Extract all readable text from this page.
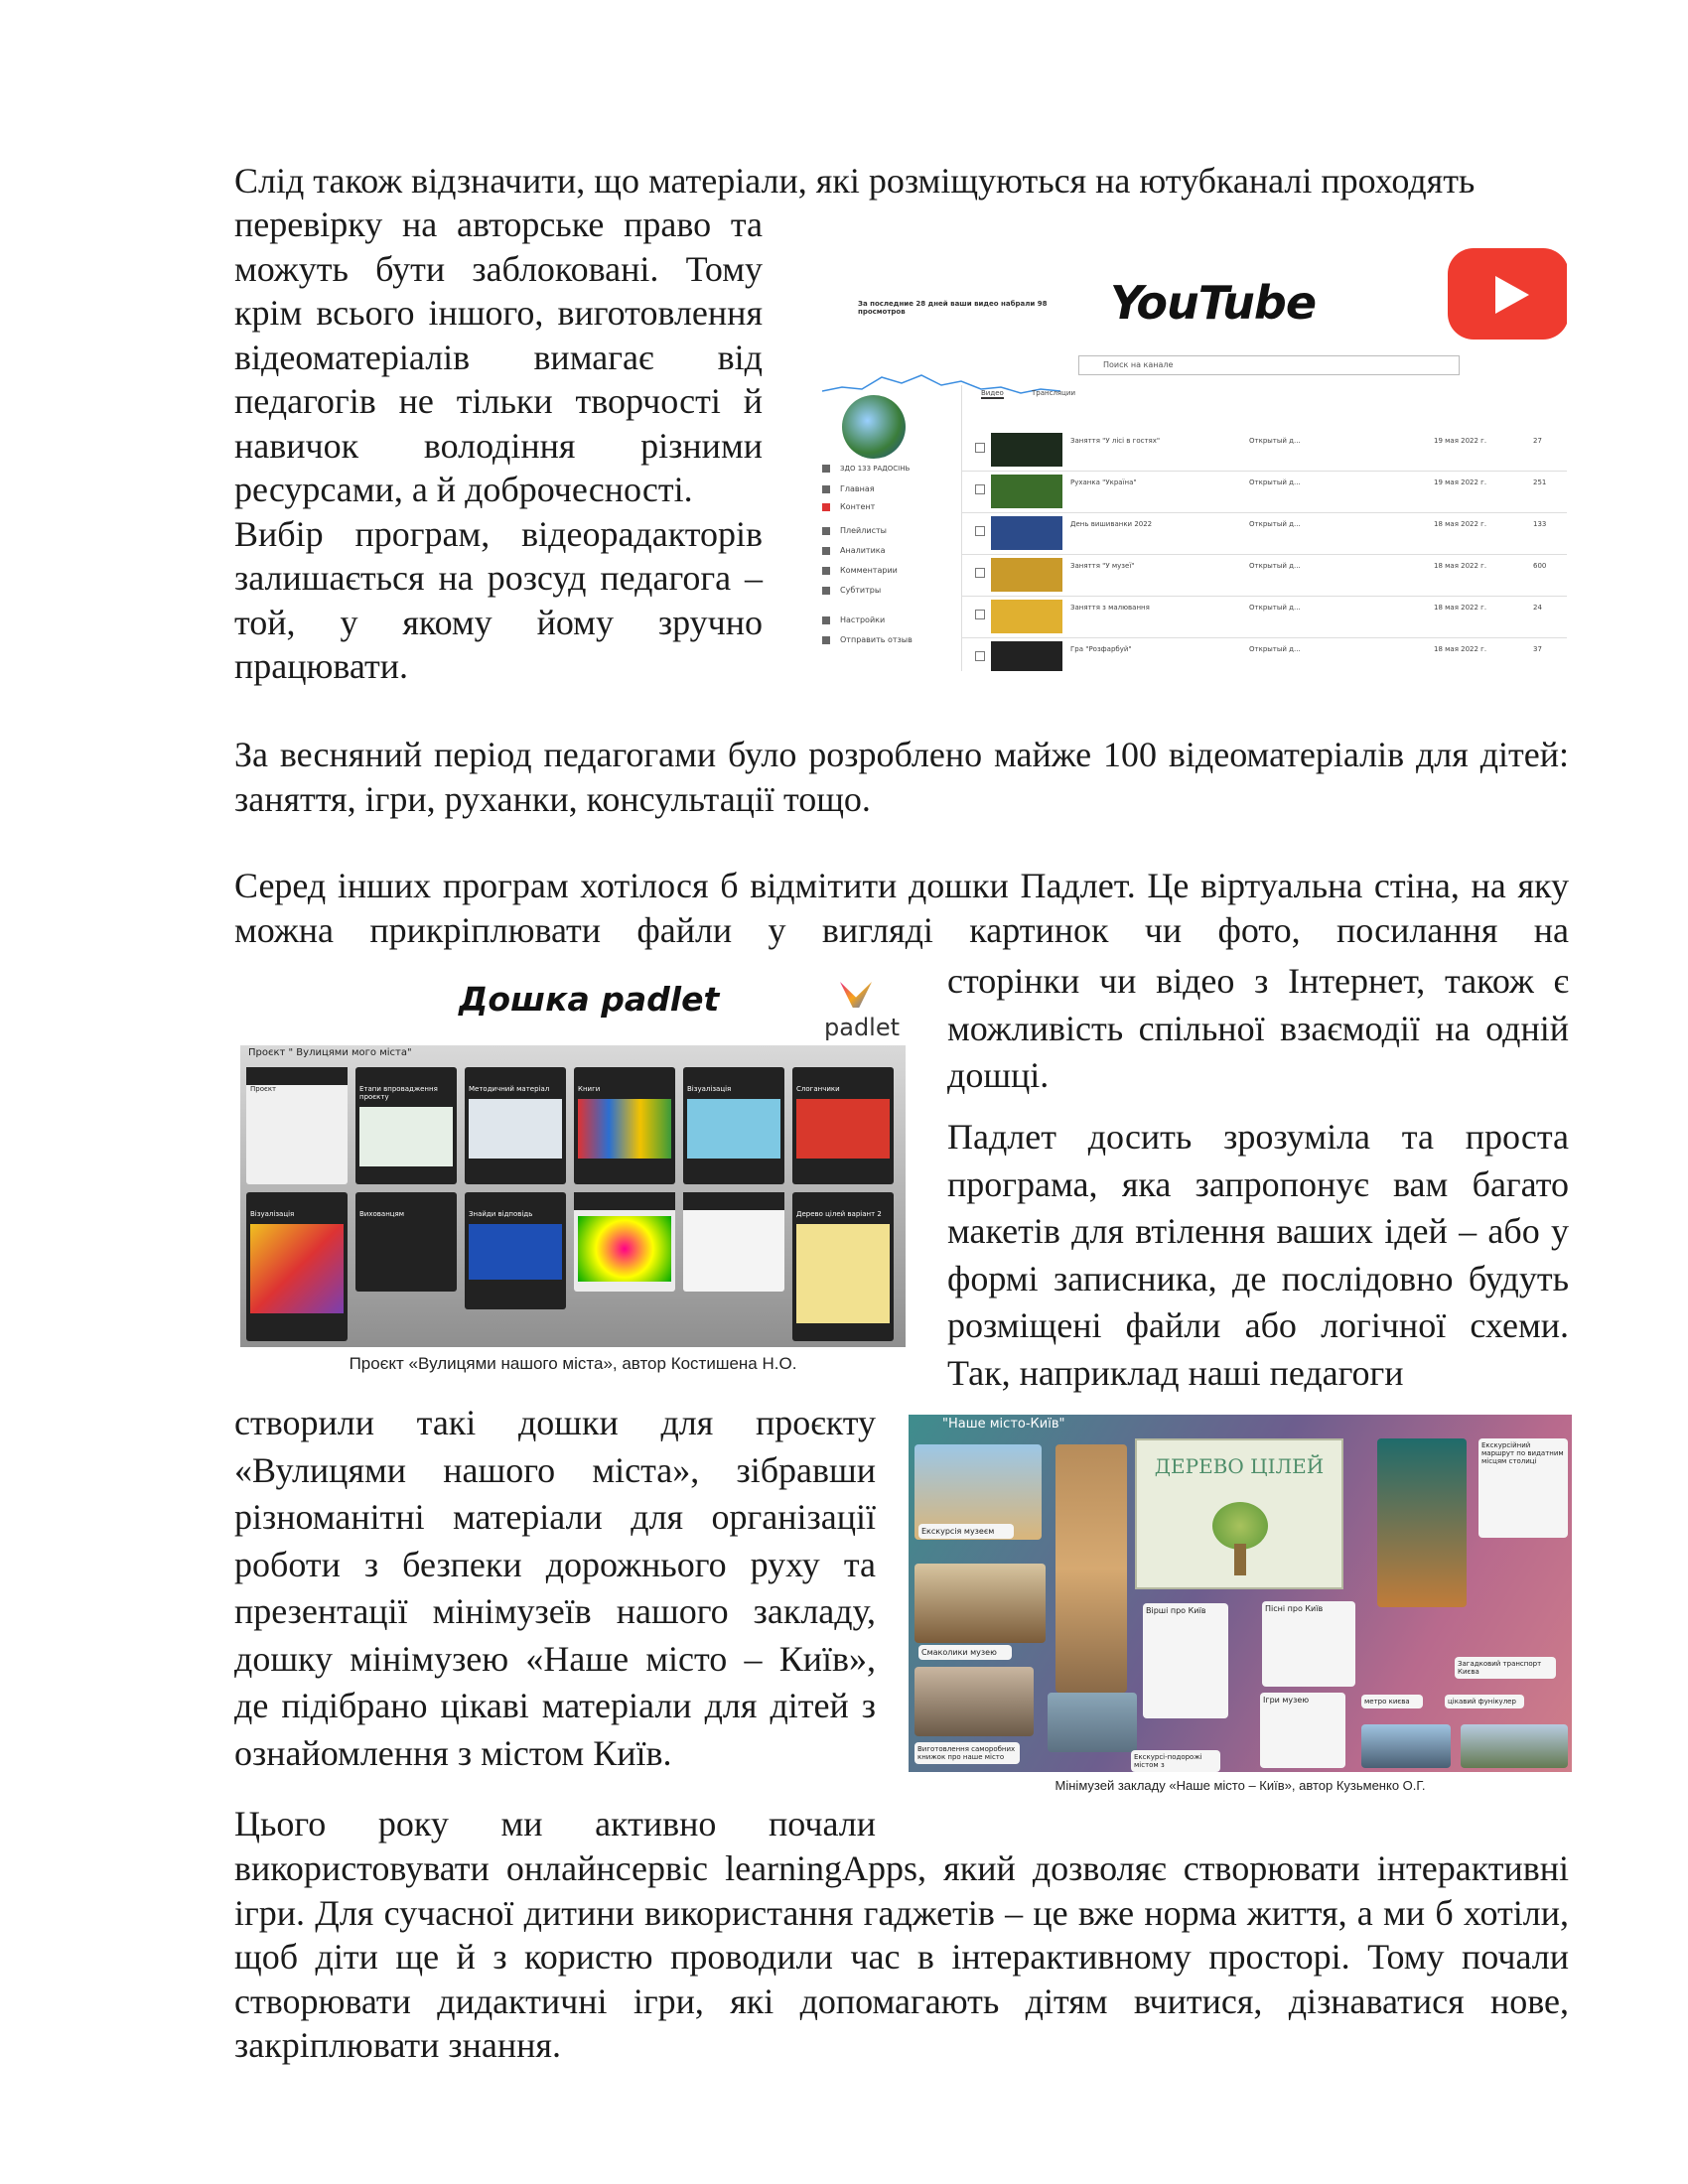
Слід також відзначити, що матеріали, які розміщуються на ютубканалі проходять

перевірку на авторське право та можуть бути заблоковані. Тому крім всього іншого, виготовлення відеоматеріалів вимагає від педагогів не тільки творчості й навичок володіння різними ресурсами, а й доброчесності.

Вибір програм, відеорадакторів залишається на розсуд педагога – той, у якому йому зручно працювати.

За последние 28 дней ваши видео набрали 98 просмотров	YouTube
Поиск на канале
ЗДО 133 РАДОСІНЬ
Главная
Контент
Плейлисты
Аналитика
Комментарии
Субтитры
Настройки
Отправить отзыв
Видео	Трансляции
Заняття "У лісі в гостях"	Открытый д...	19 мая 2022 г.	27
Руханка "Україна"	Открытый д...	19 мая 2022 г.	251
День вишиванки 2022	Открытый д...	18 мая 2022 г.	133
Заняття "У музеї"	Открытый д...	18 мая 2022 г.	600
Заняття з малювання	Открытый д...	18 мая 2022 г.	24
Гра "Розфарбуй"	Открытый д...	18 мая 2022 г.	37

За весняний період педагогами було розроблено майже 100 відеоматеріалів для дітей: заняття, ігри, руханки, консультації тощо.

Серед інших програм хотілося б відмітити дошки Падлет. Це віртуальна стіна, на яку можна прикріплювати файли у вигляді картинок чи фото, посилання на

сторінки чи відео з Інтернет, також є можливість спільної взаємодії на одній дошці.

Дошка padlet
padlet
Проєкт " Вулицями мого міста"
Проєкт	Етапи впровадження проєкту
Методичний матеріал	Книги	Візуалізація	Слоганчики
Візуалізація	Вихованцям	Знайди відповідь	Дерево цілей варіант 2
Проєкт «Вулицями нашого міста», автор Костишена Н.О.

Падлет досить зрозуміла та проста програма, яка запропонує вам багато макетів для втілення ваших ідей – або у формі записника, де послідовно будуть розміщені файли або логічної схеми. Так, наприклад наші педагоги

створили такі дошки для проєкту «Вулицями нашого міста», зібравши різноманітні матеріали для організації роботи з безпеки дорожнього руху та презентації мінімузеїв нашого закладу, дошку мінімузею «Наше місто – Київ», де підібрано цікаві матеріали для дітей з ознайомлення з містом Київ.

"Наше місто-Київ"
Екскурсія музеєм
Смаколики музею
Виготовлення саморобних книжок про наше місто
ДЕРЕВО ЦІЛЕЙ
Вірші про Київ	Пісні про Київ
Ігри музею
Екскурсі-подорожі містом з
Екскурсійний маршрут по видатним місцям столиці
Загадковий транспорт Києва
метро києва	цікавий фунікулер
Мінімузей закладу «Наше місто – Київ», автор Кузьменко О.Г.

Цього року ми активно почали

використовувати онлайнсервіс learningApps, який дозволяє створювати інтерактивні ігри. Для сучасної дитини використання гаджетів – це вже норма життя, а ми б хотіли, щоб діти ще й з користю проводили час в інтерактивному просторі. Тому почали створювати дидактичні ігри, які допомагають дітям вчитися, дізнаватися нове, закріплювати знання.
